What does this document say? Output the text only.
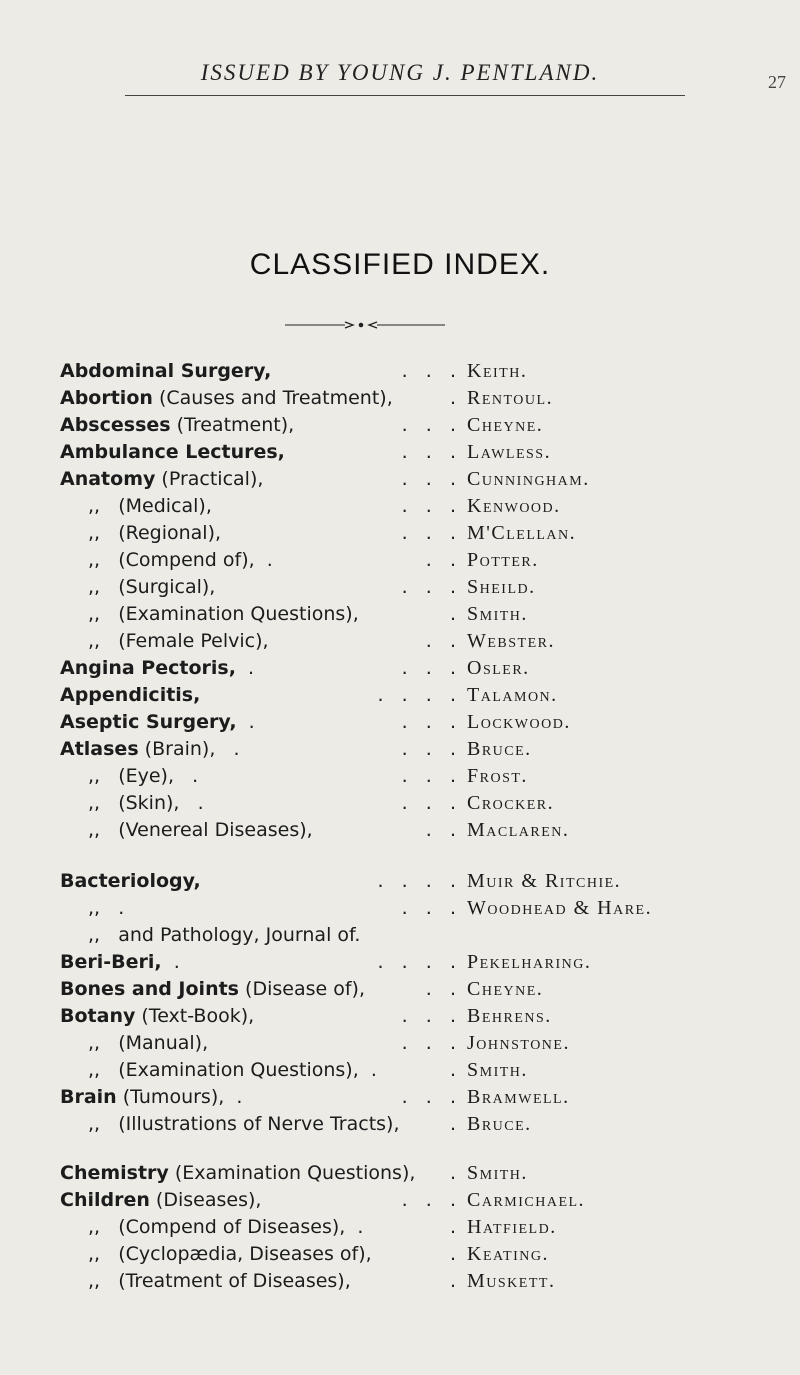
ISSUED BY YOUNG J. PENTLAND.	27
CLASSIFIED INDEX.
Abdominal Surgery,	.   .   . Keith.
Abortion (Causes and Treatment),	. Rentoul.
Abscesses (Treatment),	.   .   . Cheyne.
Ambulance Lectures,	.   .   . Lawless.
Anatomy (Practical),	.   .   . Cunningham.
,,   (Medical),	.   .   . Kenwood.
,,   (Regional),	.   .   . M'Clellan.
,,   (Compend of),  .	.   . Potter.
,,   (Surgical),	.   .   . Sheild.
,,   (Examination Questions),	. Smith.
,,   (Female Pelvic),	.   . Webster.
Angina Pectoris,  .	.   .   . Osler.
Appendicitis,	.   .   .   . Talamon.
Aseptic Surgery,  .	.   .   . Lockwood.
Atlases (Brain),   .	.   .   . Bruce.
,,   (Eye),   .	.   .   . Frost.
,,   (Skin),   .	.   .   . Crocker.
,,   (Venereal Diseases),	.   . Maclaren.
Bacteriology,	.   .   .   . Muir & Ritchie.
,,   .	.   .   . Woodhead & Hare.
,,   and Pathology, Journal of.
Beri-Beri,  .	.   .   .   . Pekelharing.
Bones and Joints (Disease of),	.   . Cheyne.
Botany (Text-Book),	.   .   . Behrens.
,,   (Manual),	.   .   . Johnstone.
,,   (Examination Questions),  .	. Smith.
Brain (Tumours),  .	.   .   . Bramwell.
,,   (Illustrations of Nerve Tracts),	. Bruce.
Chemistry (Examination Questions), . Smith.
Children (Diseases),	.   .   . Carmichael.
,,   (Compend of Diseases),  .	. Hatfield.
,,   (Cyclopædia, Diseases of),	. Keating.
,,   (Treatment of Diseases),	. Muskett.
